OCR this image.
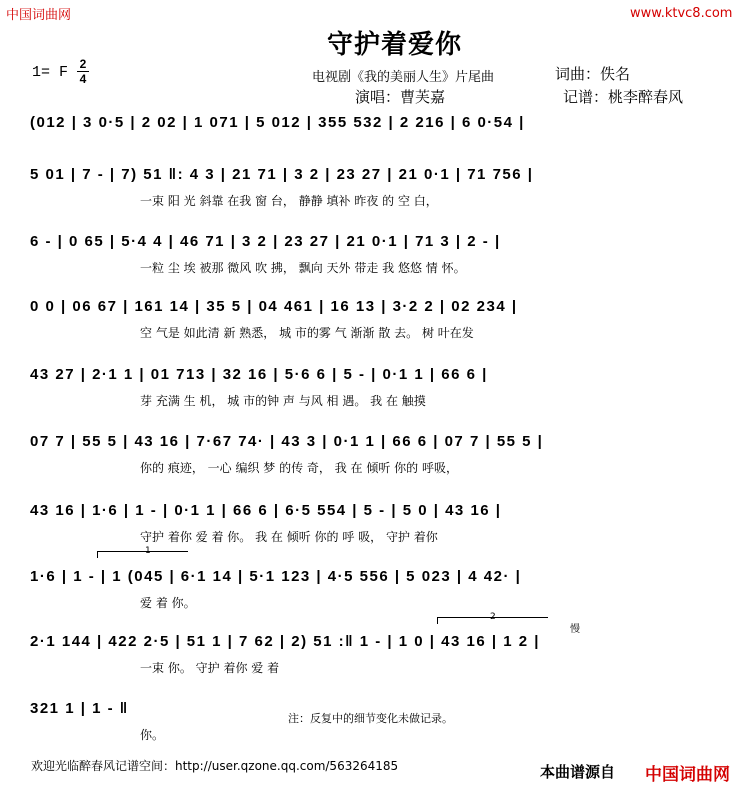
中国词曲网	www.ktvc8.com
守护着爱你
1= F 2
4	电视剧《我的美丽人生》片尾曲	词曲：佚名
演唱：曹芙嘉	记谱：桃李醉春风
(012 | 3 0·5 | 2 02 | 1 071 | 5 012 | 355 532 | 2 216 | 6 0·54 |
5 01 | 7 - | 7) 51 ‖: 4 3 | 21 71 | 3 2 | 23 27 | 21 0·1 | 71 756 |
一束 阳 光 斜靠 在我 窗 台， 静静 填补 昨夜 的 空 白，
6 - | 0 65 | 5·4 4 | 46 71 | 3 2 | 23 27 | 21 0·1 | 71 3 | 2 - |
一粒 尘 埃 被那 微风 吹 拂， 飘向 天外 带走 我 悠悠 情 怀。
0 0 | 06 67 | 161 14 | 35 5 | 04 461 | 16 13 | 3·2 2 | 02 234 |
空 气是 如此清 新 熟悉， 城 市的雾 气 渐渐 散 去。 树 叶在发
43 27 | 2·1 1 | 01 713 | 32 16 | 5·6 6 | 5 - | 0·1 1 | 66 6 |
芽 充满 生 机， 城 市的钟 声 与风 相 遇。 我 在 触摸
07 7 | 55 5 | 43 16 | 7·67 74· | 43 3 | 0·1 1 | 66 6 | 07 7 | 55 5 |
你的 痕迹， 一心 编织 梦 的传 奇， 我 在 倾听 你的 呼吸，
43 16 | 1·6 | 1 - | 0·1 1 | 66 6 | 6·5 554 | 5 - | 5 0 | 43 16 |
守护 着你 爱 着 你。 我 在 倾听 你的 呼 吸， 守护 着你
1·6 | 1 - | 1 (045 | 6·1 14 | 5·1 123 | 4·5 556 | 5 023 | 4 42· |
爱 着 你。
2·1 144 | 422 2·5 | 51 1 | 7 62 | 2) 51 :‖ 1 - | 1 0 | 43 16 | 1 2 |
一束 你。 守护 着你 爱 着
321 1 | 1 - ‖
你。
1
2
慢
注：反复中的细节变化未做记录。
欢迎光临醉春风记谱空间：http://user.qzone.qq.com/563264185	本曲谱源自 中国词曲网
